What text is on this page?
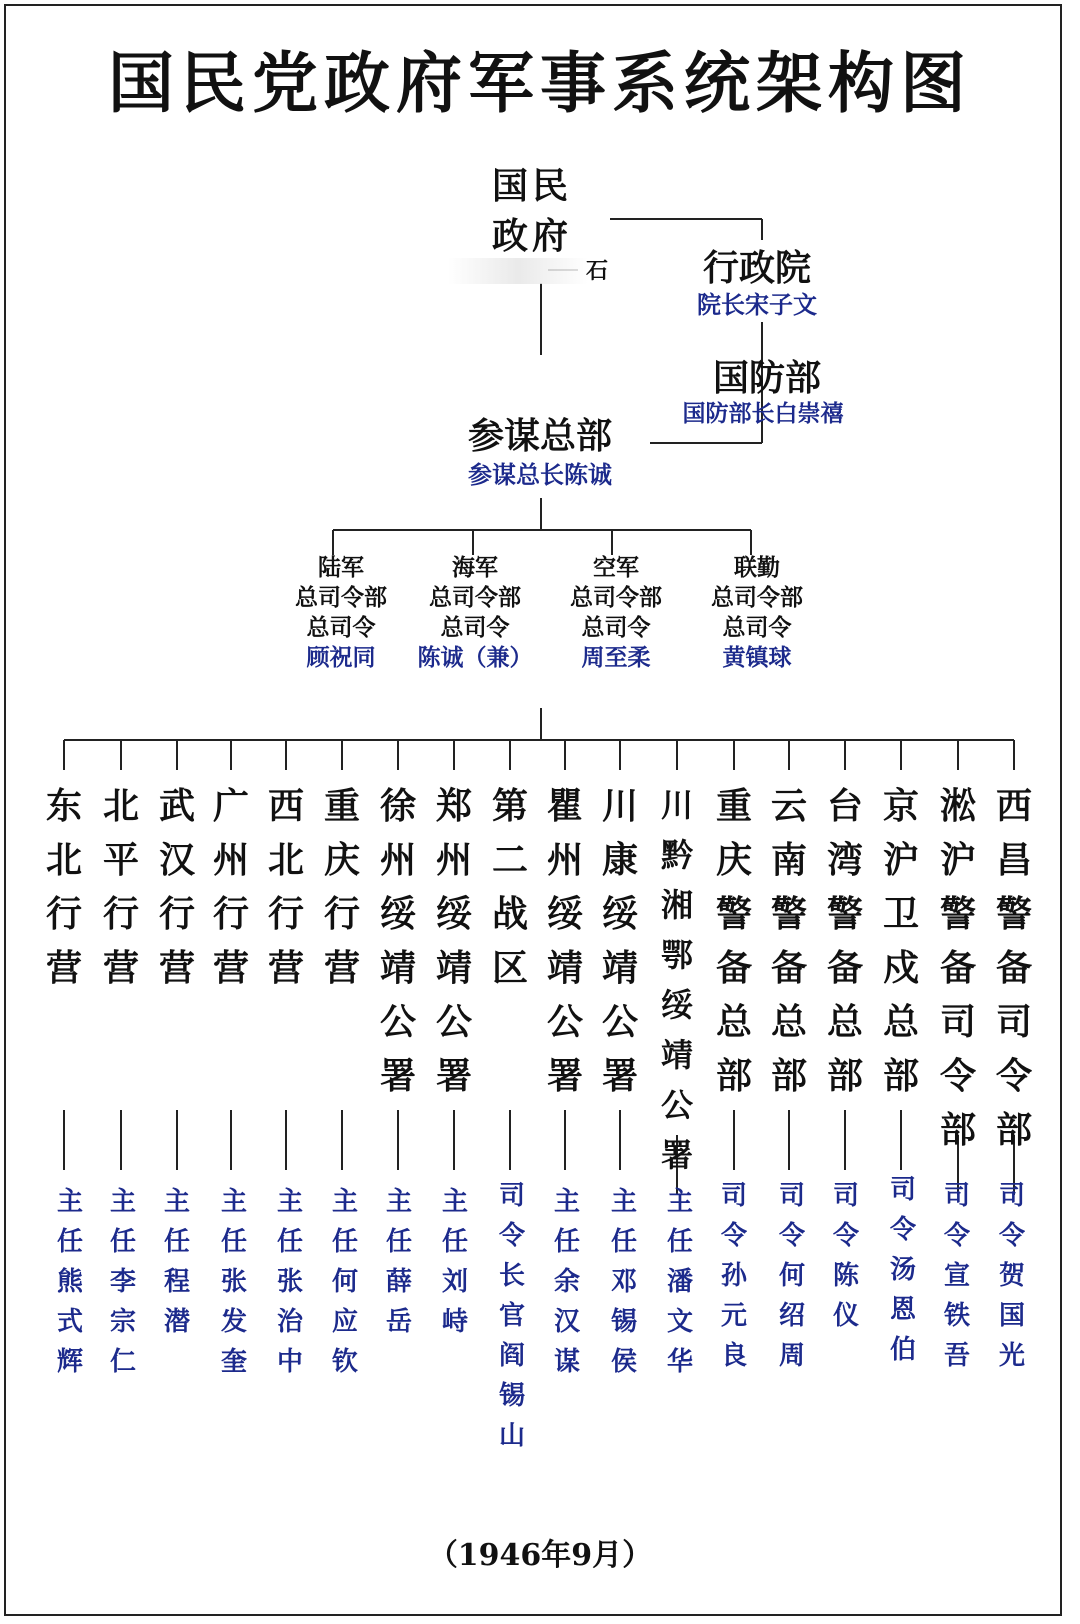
国民党政府军事系统架构图
国民
政府
石	行政院
院长宋子文
国防部
国防部长白崇禧
参谋总部
参谋总长陈诚
陆军
总司令部
总司令
顾祝同
海军
总司令部
总司令
陈诚（兼）
空军
总司令部
总司令
周至柔
联勤
总司令部
总司令
黄镇球
东北行营
北平行营
武汉行营
广州行营
西北行营
重庆行营
徐州绥靖公署
郑州绥靖公署
第二战区
瞿州绥靖公署
川康绥靖公署
川黔湘鄂绥靖公署
重庆警备总部
云南警备总部
台湾警备总部
京沪卫戍总部
淞沪警备司令部
西昌警备司令部
主任熊式辉
主任李宗仁
主任程　潜
主任张发奎
主任张治中
主任何应钦
主任薛　岳
主任刘　峙
司令长官阎锡山
主任余汉谋
主任邓锡侯
主任潘文华
司令孙元良
司令何绍周
司令陈　仪
司令汤恩伯
司令宣铁吾
司令贺国光
（1946年9月）
